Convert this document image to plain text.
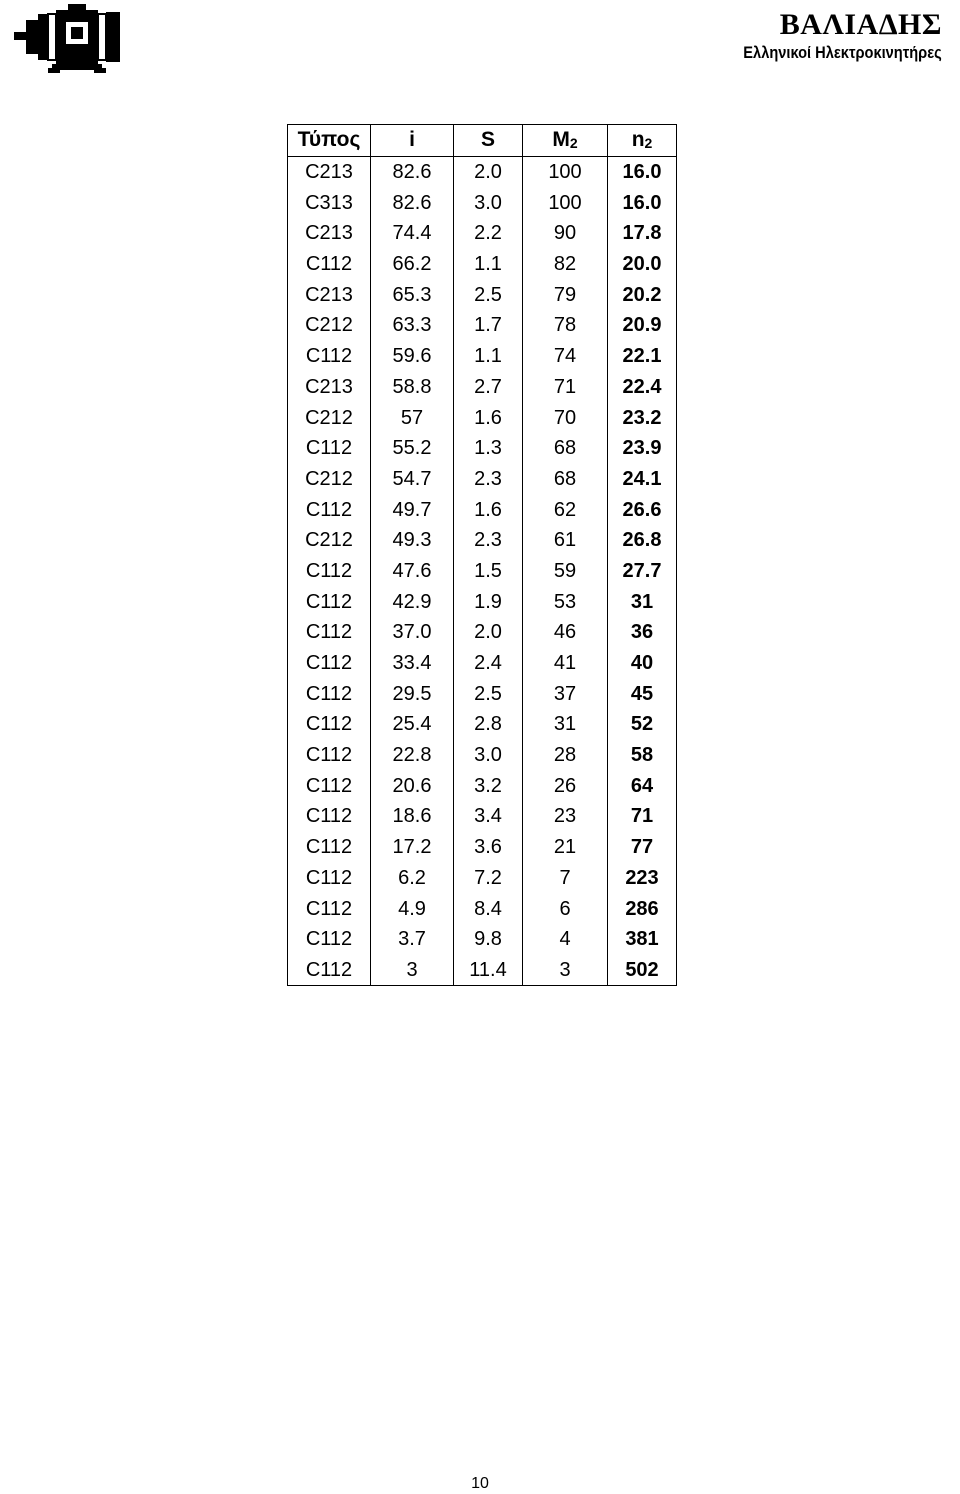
ΒΑΛΙΑΔΗΣ
Ελληνικοί Ηλεκτροκινητήρες
Τύπος	i	S	$M_2$	$n_2$
C213	82.6	2.0	100	16.0
C313	82.6	3.0	100	16.0
C213	74.4	2.2	90	17.8
C112	66.2	1.1	82	20.0
C213	65.3	2.5	79	20.2
C212	63.3	1.7	78	20.9
C112	59.6	1.1	74	22.1
C213	58.8	2.7	71	22.4
C212	57	1.6	70	23.2
C112	55.2	1.3	68	23.9
C212	54.7	2.3	68	24.1
C112	49.7	1.6	62	26.6
C212	49.3	2.3	61	26.8
C112	47.6	1.5	59	27.7
C112	42.9	1.9	53	31
C112	37.0	2.0	46	36
C112	33.4	2.4	41	40
C112	29.5	2.5	37	45
C112	25.4	2.8	31	52
C112	22.8	3.0	28	58
C112	20.6	3.2	26	64
C112	18.6	3.4	23	71
C112	17.2	3.6	21	77
C112	6.2	7.2	7	223
C112	4.9	8.4	6	286
C112	3.7	9.8	4	381
C112	3	11.4	3	502
10
